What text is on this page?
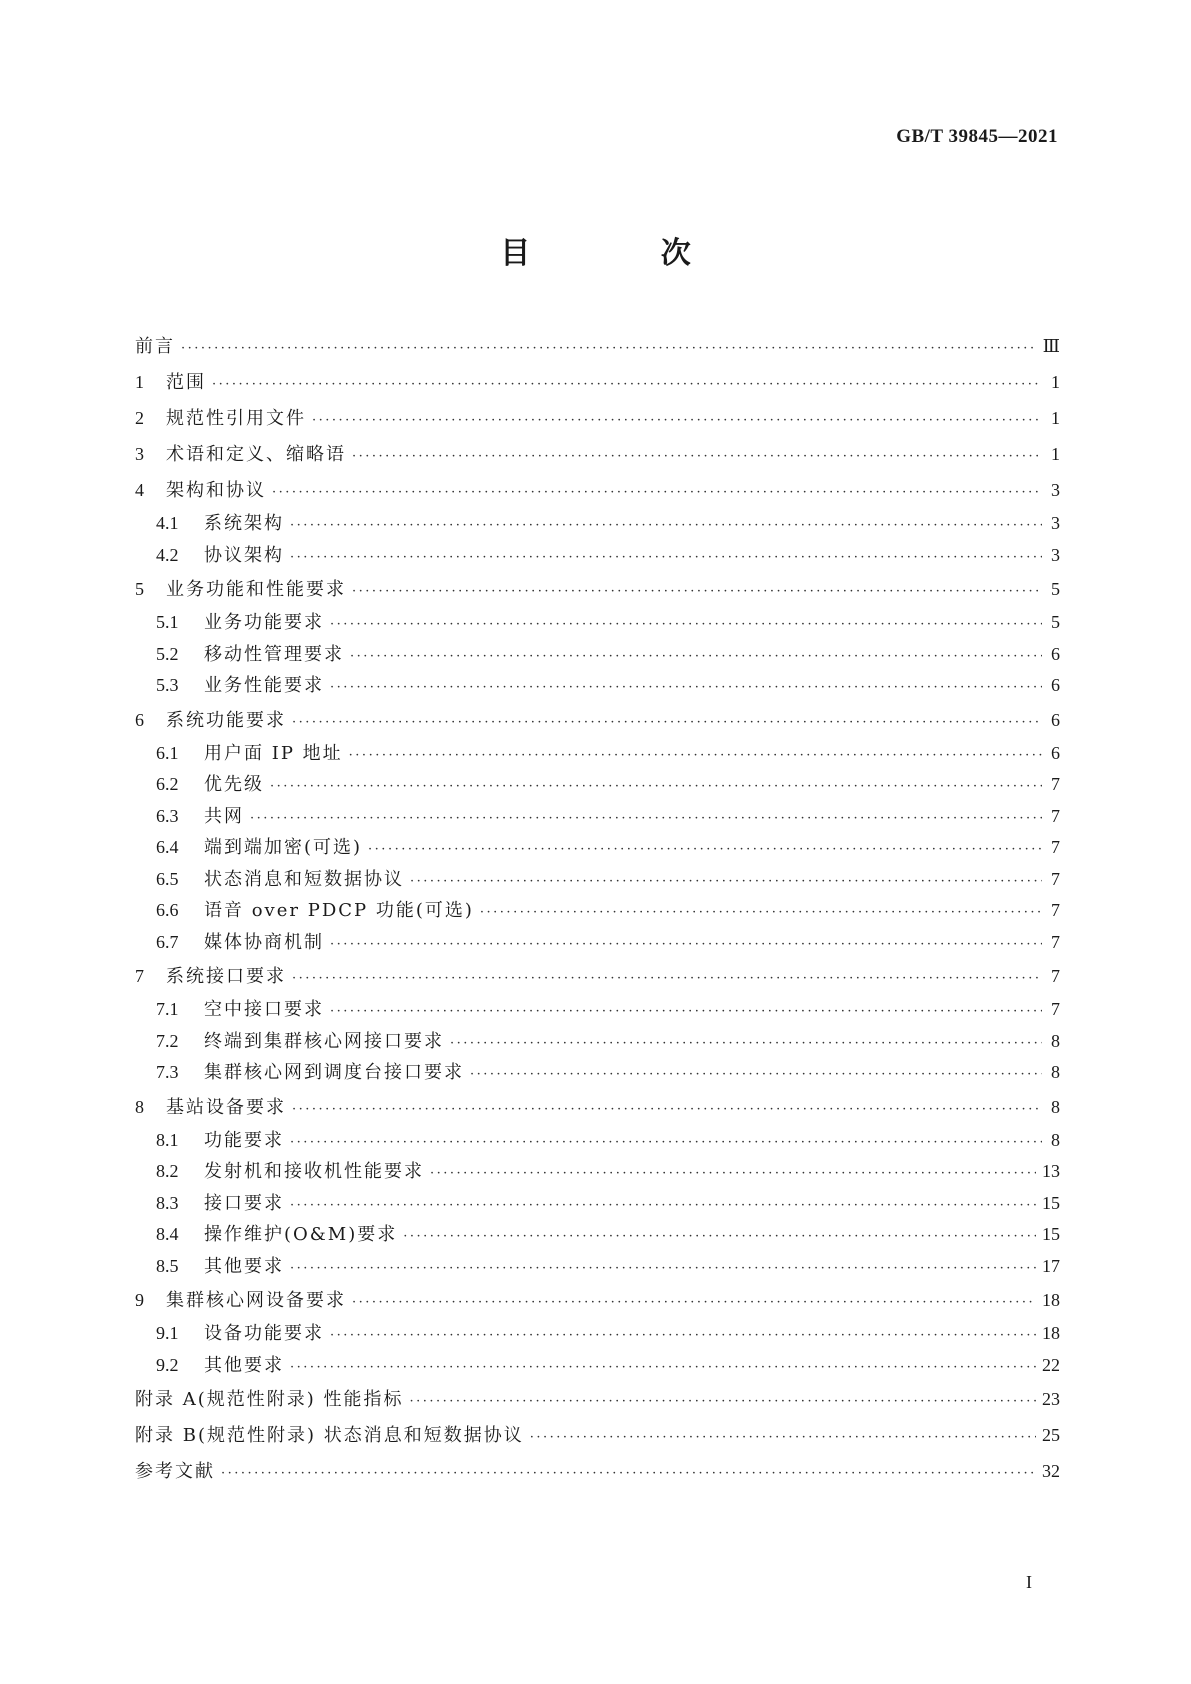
GB/T 39845—2021
目 次
前言 ·····	Ⅲ
1	范围 ·····	1
2	规范性引用文件 ·····	1
3	术语和定义、缩略语 ·····	1
4	架构和协议 ·····	3
4.1	系统架构 ·····	3
4.2	协议架构 ·····	3
5	业务功能和性能要求 ·····	5
5.1	业务功能要求 ·····	5
5.2	移动性管理要求 ·····	6
5.3	业务性能要求 ·····	6
6	系统功能要求 ·····	6
6.1	用户面 IP 地址 ·····	6
6.2	优先级 ·····	7
6.3	共网 ·····	7
6.4	端到端加密(可选) ·····	7
6.5	状态消息和短数据协议 ·····	7
6.6	语音 over PDCP 功能(可选) ·····	7
6.7	媒体协商机制 ·····	7
7	系统接口要求 ·····	7
7.1	空中接口要求 ·····	7
7.2	终端到集群核心网接口要求 ·····	8
7.3	集群核心网到调度台接口要求 ·····	8
8	基站设备要求 ·····	8
8.1	功能要求 ·····	8
8.2	发射机和接收机性能要求 ·····	13
8.3	接口要求 ·····	15
8.4	操作维护(O&M)要求 ·····	15
8.5	其他要求 ·····	17
9	集群核心网设备要求 ·····	18
9.1	设备功能要求 ·····	18
9.2	其他要求 ·····	22
附录 A(规范性附录) 性能指标 ·····	23
附录 B(规范性附录) 状态消息和短数据协议 ·····	25
参考文献 ·····	32
I
